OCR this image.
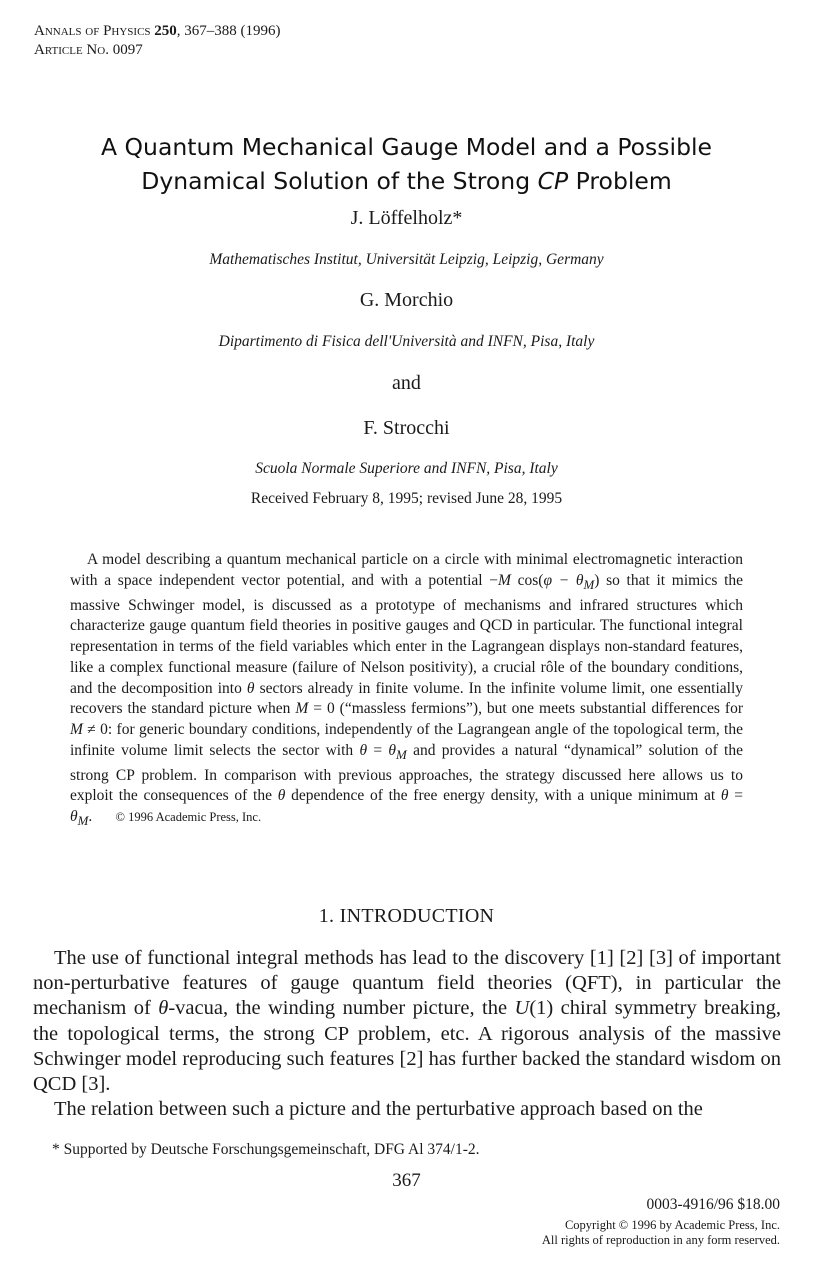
Annals of Physics 250, 367–388 (1996)
Article No. 0097
A Quantum Mechanical Gauge Model and a Possible
Dynamical Solution of the Strong CP Problem
J. Löffelholz*
Mathematisches Institut, Universität Leipzig, Leipzig, Germany
G. Morchio
Dipartimento di Fisica dell'Università and INFN, Pisa, Italy
and
F. Strocchi
Scuola Normale Superiore and INFN, Pisa, Italy
Received February 8, 1995; revised June 28, 1995
A model describing a quantum mechanical particle on a circle with minimal electromagnetic interaction with a space independent vector potential, and with a potential −M $\cos(\varphi - \theta_M)$ so that it mimics the massive Schwinger model, is discussed as a prototype of mechanisms and infrared structures which characterize gauge quantum field theories in positive gauges and QCD in particular. The functional integral representation in terms of the field variables which enter in the Lagrangean displays non-standard features, like a complex functional measure (failure of Nelson positivity), a crucial rôle of the boundary conditions, and the decomposition into θ sectors already in finite volume. In the infinite volume limit, one essentially recovers the standard picture when M = 0 (“massless fermions”), but one meets substantial differences for M ≠ 0: for generic boundary conditions, independently of the Lagrangean angle of the topological term, the infinite volume limit selects the sector with $\theta = \theta_M$ and provides a natural “dynamical” solution of the strong CP problem. In comparison with previous approaches, the strategy discussed here allows us to exploit the consequences of the θ dependence of the free energy density, with a unique minimum at $\theta = \theta_M$. © 1996 Academic Press, Inc.
1. INTRODUCTION

The use of functional integral methods has lead to the discovery [1] [2] [3] of important non-perturbative features of gauge quantum field theories (QFT), in particular the mechanism of θ-vacua, the winding number picture, the U(1) chiral symmetry breaking, the topological terms, the strong CP problem, etc. A rigorous analysis of the massive Schwinger model reproducing such features [2] has further backed the standard wisdom on QCD [3].

The relation between such a picture and the perturbative approach based on the

* Supported by Deutsche Forschungsgemeinschaft, DFG Al 374/1-2.
367
0003-4916/96 $18.00
Copyright © 1996 by Academic Press, Inc.
All rights of reproduction in any form reserved.
